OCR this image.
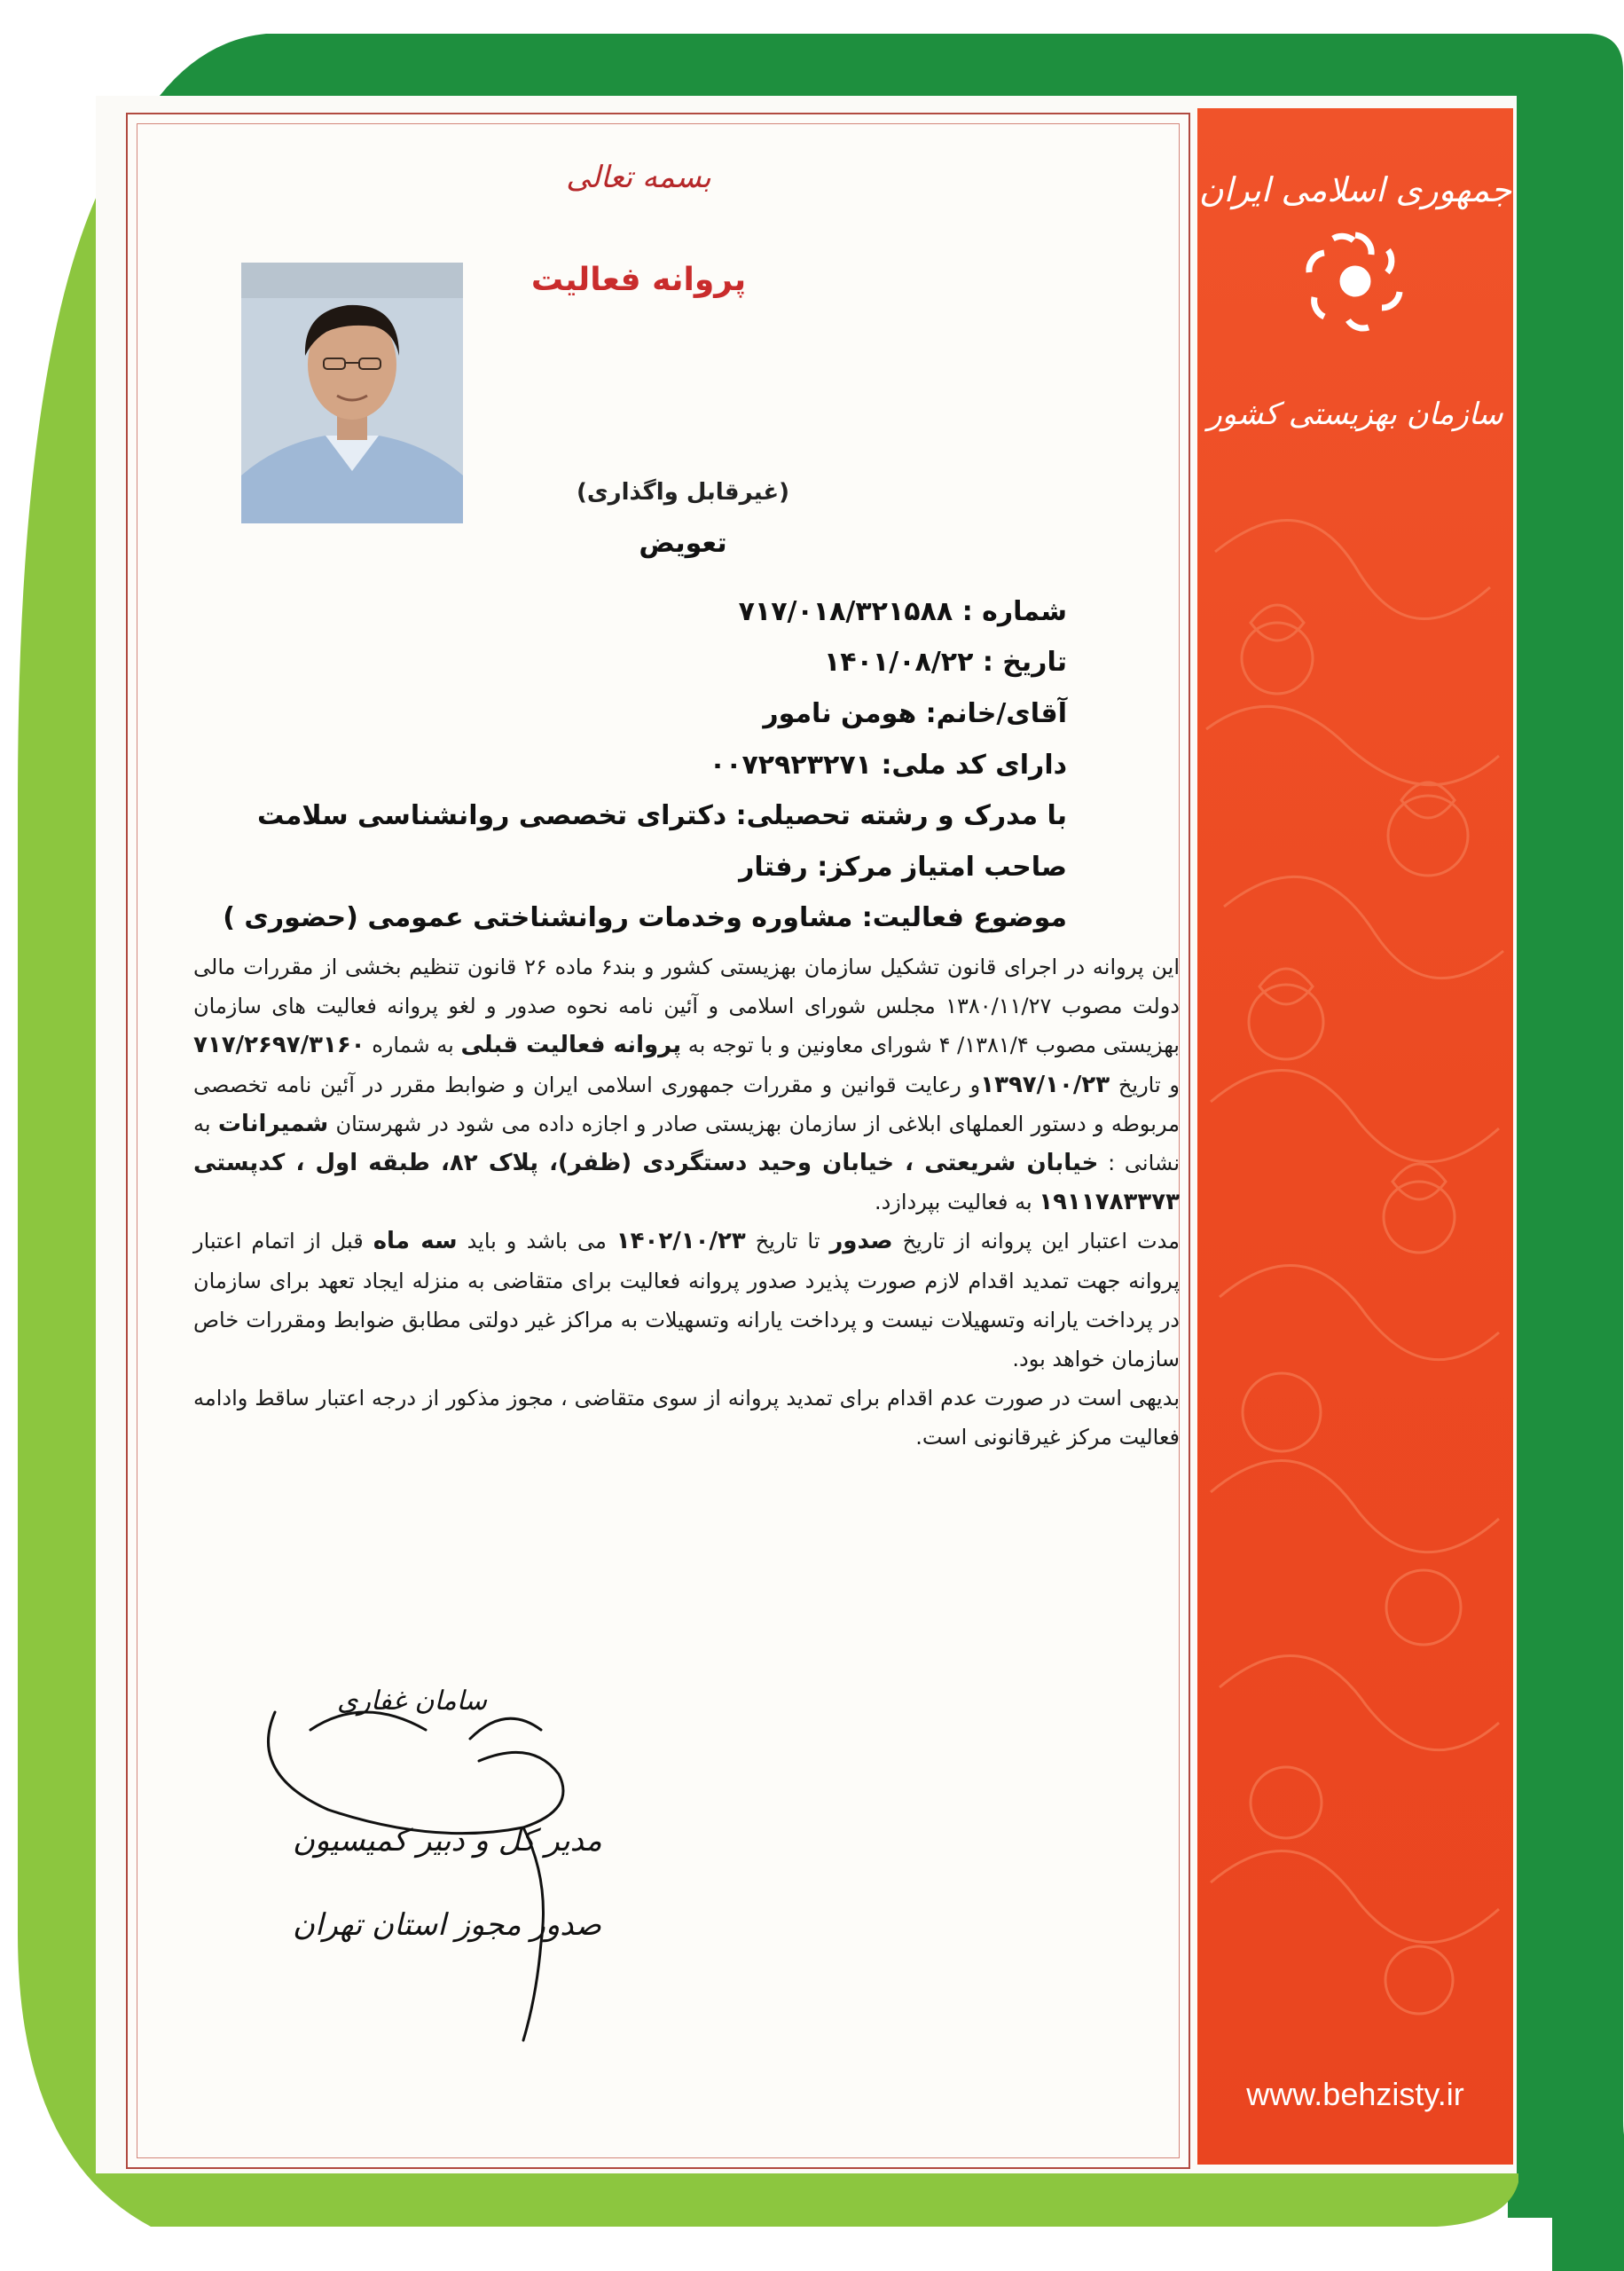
جمهوری اسلامی ایران
سازمان بهزیستی کشور
www.behzisty.ir
بسمه تعالی
پروانه فعالیت
(غیرقابل واگذاری)
تعویض
شماره : ۷۱۷/۰۱۸/۳۲۱۵۸۸
تاریخ : ۱۴۰۱/۰۸/۲۲
آقای/خانم: هومن نامور
دارای کد ملی: ۰۰۷۲۹۲۳۲۷۱
با مدرک و رشته تحصیلی: دکترای تخصصی روانشناسی سلامت
صاحب امتیاز مرکز: رفتار
موضوع فعالیت: مشاوره وخدمات روانشناختی عمومی (حضوری )

این پروانه در اجرای قانون تشکیل سازمان بهزیستی کشور و بند۶ ماده ۲۶ قانون تنظیم بخشی از مقررات مالی دولت مصوب ۱۳۸۰/۱۱/۲۷ مجلس شورای اسلامی و آئین نامه نحوه صدور و لغو پروانه فعالیت های سازمان بهزیستی مصوب ۱۳۸۱/۴/ ۴ شورای معاونین و با توجه به پروانه فعالیت قبلی به شماره ۷۱۷/۲۶۹۷/۳۱۶۰ و تاریخ ۱۳۹۷/۱۰/۲۳و رعایت قوانین و مقررات جمهوری اسلامی ایران و ضوابط مقرر در آئین نامه تخصصی مربوطه و دستور العملهای ابلاغی از سازمان بهزیستی صادر و اجازه داده می شود در شهرستان شمیرانات به نشانی : خیابان شریعتی ، خیابان وحید دستگردی (ظفر)، پلاک ۸۲، طبقه اول ، کدپستی ۱۹۱۱۷۸۳۳۷۳ به فعالیت بپردازد.

مدت اعتبار این پروانه از تاریخ صدور تا تاریخ ۱۴۰۲/۱۰/۲۳ می باشد و باید سه ماه قبل از اتمام اعتبار پروانه جهت تمدید اقدام لازم صورت پذیرد صدور پروانه فعالیت برای متقاضی به منزله ایجاد تعهد برای سازمان در پرداخت یارانه وتسهیلات نیست و پرداخت یارانه وتسهیلات به مراکز غیر دولتی مطابق ضوابط ومقررات خاص سازمان خواهد بود.

بدیهی است در صورت عدم اقدام برای تمدید پروانه از سوی متقاضی ، مجوز مذکور از درجه اعتبار ساقط وادامه فعالیت مرکز غیرقانونی است.

سامان غفاری
مدیر کل و دبیر کمیسیون
صدور مجوز استان تهران
